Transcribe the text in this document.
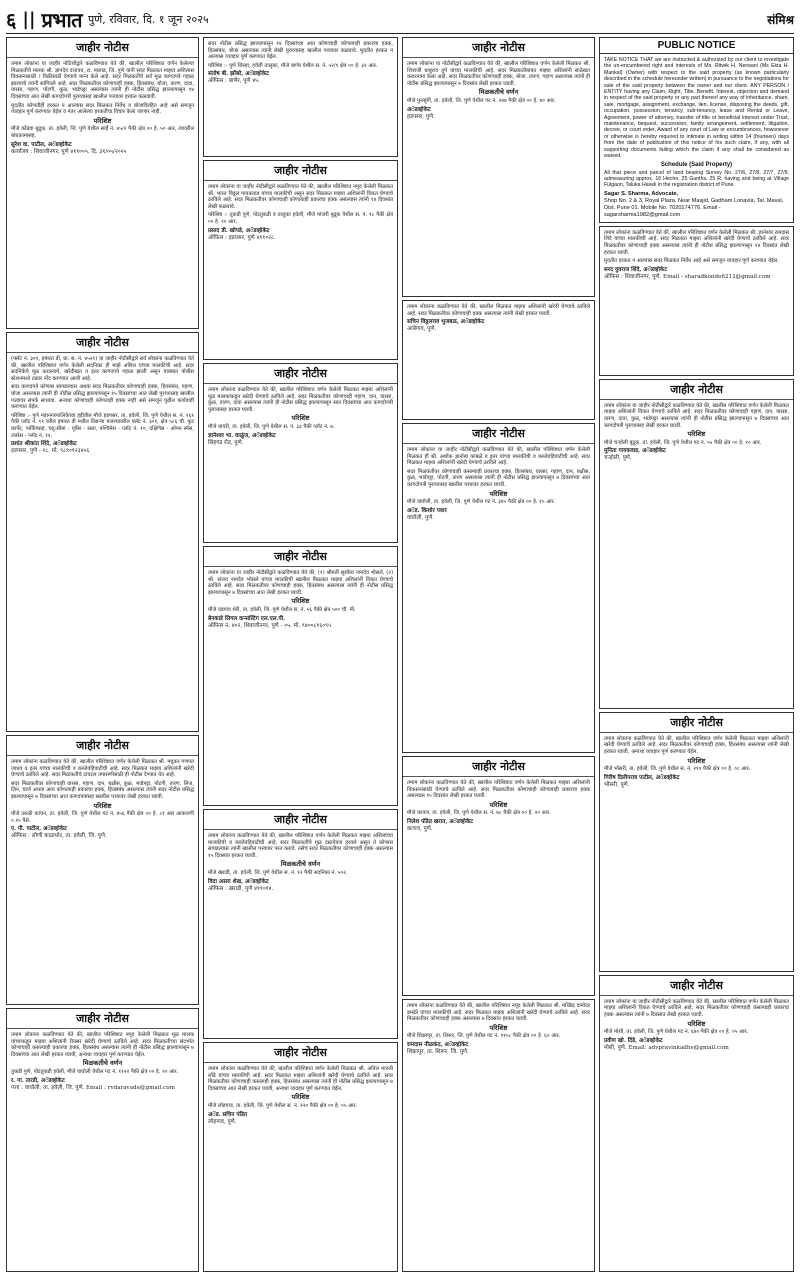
६ || प्रभात पुणे, रविवार, दि. १ जून २०२५	संमिश्र
जाहीर नोटीस
तमाम लोकांना या जाहीर नोटिशीद्वारे कळविण्यात येते की, खालील परिशिष्टात वर्णन केलेल्या मिळकतीचे मालक श्री. ज्ञानदेव दत्तात्रय, रा. मालाड, जि. पुणे यांनी सदर मिळकत माझ्या अशिलास विकसनासाठी / विक्रीसाठी देण्याचे मान्य केले आहे. सदर मिळकतीचे सर्व मूळ कागदपत्रे गहाळ झाल्याचे त्यांनी सांगितले आहे. सदर मिळकतीवर कोणाचाही हक्क, हितसंबंध, बोजा, तारण, दावा, वारसा, गहाण, पोटगी, कुळ, भाडेपट्टा असल्यास त्यांनी ही नोटीस प्रसिद्ध झाल्यापासून १४ दिवसांच्या आत लेखी कागदोपत्री पुराव्यासह खालील पत्त्यावर हरकत कळवावी.
मुदतीत कोणतीही हरकत न आल्यास सदर मिळकत निर्वेध व बोजाविरहित आहे असे समजून व्यवहार पूर्ण करण्यात येईल व नंतर आलेल्या हरकतींचा विचार केला जाणार नाही.
परिशिष्ट
मौजे कोंढवा बुद्रुक, ता. हवेली, जि. पुणे येथील सर्व्हे नं. ४५/२ पैकी क्षेत्र ०० हे. ५० आर, त्यावरील बांधकामासह.
सुरेश वा. पाटील, अॅडव्होकेट
कार्यालय : शिवाजीनगर, पुणे ४११००५. दि. ३१/०५/२०२५
जाहीर नोटीस
(फ्लॅट नं. ३०१, इमारत डी, प्रा. स. नं. ४५२१) या जाहीर नोटीसीद्वारे सर्व लोकांना कळविण्यात येते की, खालील परिशिष्टात वर्णन केलेली सदनिका ही माझे अशिल यांच्या मालकीची आहे. सदर सदनिकेचे मूळ करारनामे, खरेदीखत व इतर कागदपत्रे गहाळ झाली असून याबाबत पोलीस स्टेशनमध्ये तक्रार नोंद करण्यात आली आहे.
सदर कागदपत्रे कोणास सापडल्यास अथवा सदर मिळकतीवर कोणाचाही हक्क, हितसंबंध, गहाण, बोजा असल्यास त्यांनी ही नोटीस प्रसिद्ध झाल्यापासून १५ दिवसांच्या आत लेखी पुराव्यासह खालील पत्त्यावर संपर्क साधावा. अन्यथा कोणाचाही कोणताही हक्क नाही असे समजून पुढील कार्यवाही करण्यात येईल.
परिशिष्ट :- पुणे महानगरपालिकेच्या हद्दीतील मौजे हडपसर, ता. हवेली, जि. पुणे येथील स. नं. १६१ पैकी प्लॉट नं. ११ वरील इमारत डी मधील तिसऱ्या मजल्यावरील फ्लॅट नं. ३०१, क्षेत्र ५८६ चौ. फूट कार्पेट, पार्किंगसह. चतु:सीमा : पूर्वेस - रस्ता, पश्चिमेस - प्लॉट नं. १०, दक्षिणेस - ओपन स्पेस, उत्तरेस - प्लॉट नं. १२.
प्रशांत श्रीकांत शिंदे, अॅडव्होकेट
हडपसर, पुणे - २८. मो. ९८९०१२३४५६
जाहीर नोटीस
तमाम लोकांना कळविण्यात येते की, खालील परिशिष्टात वर्णन केलेली मिळकत श्री. मधुकर गणपत जाधव व इतर यांच्या मालकीची व कब्जेवहिवाटीची आहे. सदर मिळकत माझ्या अशिलांनी खरेदी घेण्याचे ठरविले आहे. सदर मिळकतीचे टायटल तपासणीसाठी ही नोटीस देण्यात येत आहे.
सदर मिळकतीवर कोणाचाही वारसा, गहाण, दान, बक्षीस, कुळ, भाडेपट्टा, पोटगी, तारण, लिज, लिन, चार्ज अथवा अन्य कोणत्याही प्रकारचा हक्क, हितसंबंध असल्यास त्यांनी सदर नोटीस प्रसिद्ध झाल्यापासून ७ दिवसांच्या आत कागदपत्रांसह खालील पत्त्यावर लेखी हरकत घ्यावी.
परिशिष्ट
मौजे उरुळी कांचन, ता. हवेली, जि. पुणे येथील गट नं. ४५६ पैकी क्षेत्र ०० हे. ८१ आर आकारणी ०.९५ पैसे.
ए. पी. पाटील, अॅडव्होकेट
ऑफिस : लोणी काळभोर, ता. हवेली, जि. पुणे.
जाहीर नोटीस
तमाम लोकांना कळविण्यात येते की, खालील परिशिष्टात नमूद केलेली मिळकत मूळ मालक यांच्याकडून माझ्या अशिलांनी रीतसर खरेदी घेण्याचे ठरविले आहे. सदर मिळकतीच्या संदर्भात कोणाचाही कसल्याही प्रकारचा हक्क, हितसंबंध असल्यास त्यांनी ही नोटीस प्रसिद्ध झाल्यापासून ७ दिवसांच्या आत लेखी हरकत घ्यावी, अन्यथा व्यवहार पूर्ण करण्यात येईल.
मिळकतीचे वर्णन
तुकडी पुणे, पोटतुकडी हवेली, मौजे वाघोली येथील गट नं. ११२२ पैकी क्षेत्र ०० हे. २० आर.
र. गा. तारडी, अॅडव्होकेट
पत्ता : वाघोली, ता. हवेली, जि. पुणे. Email : rvdaravade@gmail.com
सदर नोटीस प्रसिद्ध झाल्यापासून १४ दिवसांच्या आत कोणाचाही कोणत्याही प्रकारचा हक्क, हितसंबंध, बोजा असल्यास त्यांनी लेखी पुराव्यासह खालील पत्त्यावर कळवावे. मुदतीत हरकत न आल्यास व्यवहार पूर्ण करण्यात येईल.
परिशिष्ट :- पुणे जिल्हा, हवेली तालुका, मौजे बाणेर येथील स. नं. ५२/१ क्षेत्र ०० हे. ३२ आर.
संतोष बी. झोंबरे, अॅडव्होकेट
ऑफिस : बाणेर, पुणे ४५.
जाहीर नोटीस
तमाम लोकांना या जाहीर नोटीसीद्वारे कळविण्यात येते की, खालील परिशिष्टात नमूद केलेली मिळकत श्री. भारत विठ्ठल गायकवाड यांच्या मालकीची असून सदर मिळकत माझ्या अशिलांनी विकत घेण्याचे ठरविले आहे. सदर मिळकतीवर कोणाचाही कोणत्याही प्रकारचा हक्क असल्यास त्यांनी १४ दिवसांत लेखी कळवावे.
परिशिष्ट :- तुकडी पुणे, पोटतुकडी व तालुका हवेली, मौजे मांजरी बुद्रुक येथील स. नं. ९८ पैकी क्षेत्र ०० हे. १० आर.
प्रसाद डी. खोपडे, अॅडव्होकेट
ऑफिस : हडपसर, पुणे ४११०२८.
जाहीर नोटीस
तमाम लोकांना कळविण्यात येते की, खालील परिशिष्टात वर्णन केलेली मिळकत माझ्या अशिलांनी मूळ मालकांकडून खरेदी घेण्याचे ठरविले आहे. सदर मिळकतीवर कोणाचाही गहाण, दान, वारसा, कुळ, तारण, दावा असल्यास त्यांनी ही नोटीस प्रसिद्ध झाल्यापासून सात दिवसांच्या आत कागदोपत्री पुराव्यासह हरकत घ्यावी.
परिशिष्ट
मौजे धायरी, ता. हवेली, जि. पुणे येथील स. नं. ३३ पैकी प्लॉट नं. ७.
ज्ञानेश्वर भा. वाळुंज, अॅडव्होकेट
सिंहगड रोड, पुणे.
जाहीर नोटीस
तमाम लोकांना या जाहीर नोटीसीद्वारे कळविण्यात येते की, (१) श्रीमती सुशीला नामदेव भोसले, (२) श्री. संजय नामदेव भोसले यांच्या मालकीची खालील मिळकत माझ्या अशिलांनी विकत घेण्याचे ठरविले आहे. सदर मिळकतीवर कोणाचाही हक्क, हितसंबंध असल्यास त्यांनी ही नोटीस प्रसिद्ध झाल्यापासून ७ दिवसांच्या आत लेखी हरकत घ्यावी.
परिशिष्ट
मौजे वडगाव शेरी, ता. हवेली, जि. पुणे येथील स. नं. ५६ पैकी क्षेत्र ५०० चौ. मी.
बेनकाडे लिगल कन्सल्टिंग एल.एल.पी.
ऑफिस नं. ४०२, शिवाजीनगर, पुणे - ०५. मो. ९४००८१६०९५
जाहीर नोटीस
तमाम लोकांना कळविण्यात येते की, खालील परिशिष्टात वर्णन केलेली मिळकत माझ्या अशिलांच्या मालकीची व कब्जेवहिवाटीची आहे. सदर मिळकतीचे मूळ दस्तऐवज हरवले असून ते कोणास सापडल्यास त्यांनी खालील पत्त्यावर परत करावे. तसेच सदर मिळकतीवर कोणाचाही हक्क असल्यास १५ दिवसांत हरकत घ्यावी.
मिळकतीचे वर्णन
मौजे खराडी, ता. हवेली, जि. पुणे येथील स. नं. १२ पैकी सदनिका नं. ५०२.
विदा असरा शेख, अॅडव्होकेट
ऑफिस : खराडी, पुणे ४११०१४.
जाहीर नोटीस
तमाम लोकांना कळविण्यात येते की, खालील परिशिष्टात वर्णन केलेली मिळकत श्री. अनिल मारुती लोंढे यांच्या मालकीची आहे. सदर मिळकत माझ्या अशिलांनी खरेदी घेण्याचे ठरविले आहे. सदर मिळकतीवर कोणाचाही कसलाही हक्क, हितसंबंध असल्यास त्यांनी ही नोटीस प्रसिद्ध झाल्यापासून ७ दिवसांच्या आत लेखी हरकत घ्यावी, अन्यथा व्यवहार पूर्ण करण्यात येईल.
परिशिष्ट
मौजे लोहगाव, ता. हवेली, जि. पुणे येथील स. नं. २२० पैकी क्षेत्र ०० हे. ०५ आर.
अॅड. सचिन पंडित
लोहगाव, पुणे.
जाहीर नोटीस
तमाम लोकांना या नोटीसीद्वारे कळविण्यात येते की, खालील परिशिष्टात वर्णन केलेली मिळकत श्री. शिवाजी बाबूराव तुपे यांच्या मालकीची आहे. सदर मिळकतीबाबत माझ्या अशिलांनी साठेखत करारनामा केला आहे. सदर मिळकतीवर कोणाचाही हक्क, बोजा, तारण, गहाण असल्यास त्यांनी ही नोटीस प्रसिद्ध झाल्यापासून ७ दिवसांत लेखी हरकत घ्यावी.
मिळकतीचे वर्णन
मौजे फुरसुंगी, ता. हवेली, जि. पुणे येथील गट नं. २४७ पैकी क्षेत्र ०० हे. ४० आर.
अॅडव्होकेट
हडपसर, पुणे.
तमाम लोकांना कळविण्यात येते की, खालील मिळकत माझ्या अशिलांनी खरेदी घेण्याचे ठरविले आहे. सदर मिळकतीवर कोणाचाही हक्क असल्यास त्यांनी लेखी हरकत घ्यावी.
सचिन विठ्ठलराव भुजबळ, अॅडव्होकेट
आंबेगाव, पुणे.
जाहीर नोटीस
तमाम लोकांना या जाहीर नोटीसीद्वारे कळविण्यात येते की, खालील परिशिष्टात वर्णन केलेली मिळकत ही श्री. अशोक ज्ञानोबा कांबळे व इतर यांच्या मालकीची व कब्जेवहिवाटीची आहे. सदर मिळकत माझ्या अशिलांनी खरेदी घेण्याचे ठरविले आहे.
सदर मिळकतीवर कोणाचाही कसल्याही प्रकारचा हक्क, हितसंबंध, वारसा, गहाण, दान, बक्षीस, कुळ, भाडेपट्टा, पोटगी, तारण असल्यास त्यांनी ही नोटीस प्रसिद्ध झाल्यापासून ७ दिवसांच्या आत कागदोपत्री पुराव्यासह खालील पत्त्यावर हरकत घ्यावी.
परिशिष्ट
मौजे वाघोली, ता. हवेली, जि. पुणे येथील गट नं. ३४५ पैकी क्षेत्र ०० हे. १५ आर.
अॅड. किशोर पवार
वाघोली, पुणे.
जाहीर नोटीस
तमाम लोकांना कळविण्यात येते की, खालील परिशिष्टात वर्णन केलेली मिळकत माझ्या अशिलांनी विकसनासाठी घेण्याचे ठरविले आहे. सदर मिळकतीवर कोणाचाही कोणत्याही प्रकारचा हक्क असल्यास १५ दिवसांत लेखी हरकत घ्यावी.
परिशिष्ट
मौजे कात्रज, ता. हवेली, जि. पुणे येथील स. नं. ७८ पैकी क्षेत्र ०० हे. २० आर.
निलेश पंडित खरात, अॅडव्होकेट
कात्रज, पुणे.
तमाम लोकांना कळविण्यात येते की, खालील परिशिष्टात नमूद केलेली मिळकत श्री. मच्छिंद्र दामोदर ढमढेरे यांच्या मालकीची आहे. सदर मिळकत माझ्या अशिलांनी खरेदी घेण्याचे ठरविले आहे. सदर मिळकतीवर कोणाचाही हक्क असल्यास ७ दिवसांत हरकत घ्यावी.
परिशिष्ट
मौजे शिक्रापूर, ता. शिरूर, जि. पुणे येथील गट नं. ११५८ पैकी क्षेत्र ०० हे. ६० आर.
रामदास नीळकंठ, अॅडव्होकेट
शिक्रापूर, ता. शिरूर, जि. पुणे.
PUBLIC NOTICE
TAKE NOTICE THAT we are instructed & authorized by our client to investigate the un-encumbered right and interests of Ms. Ritwik H. Nerwani (Ms Ekta H. Mankal) (Owner) with respect to the said property (as known particularly described in the schedule hereunder written) in pursuance to the negotiations for sale of the said property between the owner and our client. ANY PERSON / ENTITY having any Claim, Right, Title, Benefit, Interest, objection and demand in respect of the said property or any part thereof any way of inheritance, share, sale, mortgage, assignment, exchange, lien, license, disposing the deeds, gift, occupation, possession, tenancy, sub-tenancy, lease and Rental or Leave, Agreement, power of attorney, transfer of title or beneficial interest under Trust, maintenance, bequest, succession, family arrangement, settlement, litigation, decree, or court order, Award of any court of Law or encumbrances, howsoever or otherwise is hereby required to intimate in writing within 14 (fourteen) days from the date of publication of this notice of his such claim, if any, with all supporting documents failing which the claim if any shall be considered as waived.
Schedule (Said Property)
All that piece and parcel of land bearing Survey No. 27/6, 27/8, 27/7, 27/9, admeasuring approx. 16 Hector, 25 Gunths, 25 R. having and being at Village Fulgaon, Taluka Haveli in the registration district of Pune.
Sagar S. Sharma, Advocate,
Shop No. 2 & 3, Royal Plaza, Near Masjid, Gadham Lonavla, Tal. Maval, Dist. Pune 01. Mobile No. 7020174776. Email - sagarsharma1982@gmail.com
तमाम लोकांना कळविण्यात येते की, खालील परिशिष्टात वर्णन केलेली मिळकत श्री. ज्ञानेश्वर रामदास शिंदे यांच्या मालकीची आहे. सदर मिळकत माझ्या अशिलांनी खरेदी घेण्याचे ठरविले आहे. सदर मिळकतीवर कोणाचाही हक्क असल्यास त्यांनी ही नोटीस प्रसिद्ध झाल्यापासून १४ दिवसांत लेखी हरकत घ्यावी.
मुदतीत हरकत न आल्यास सदर मिळकत निर्वेध आहे असे समजून व्यवहार पूर्ण करण्यात येईल.
सरद युवराज शिंदे, अॅडव्होकेट
ऑफिस : शिवाजीनगर, पुणे. Email - sharadkonde6212@gmail.com
जाहीर नोटीस
तमाम लोकांना या जाहीर नोटीसीद्वारे कळविण्यात येते की, खालील परिशिष्टात वर्णन केलेली मिळकत माझ्या अशिलांनी विकत घेण्याचे ठरविले आहे. सदर मिळकतीवर कोणाचाही गहाण, दान, वारसा, तारण, दावा, कुळ, भाडेपट्टा असल्यास त्यांनी ही नोटीस प्रसिद्ध झाल्यापासून ७ दिवसांच्या आत कागदोपत्री पुराव्यासह लेखी हरकत घ्यावी.
परिशिष्ट
मौजे चऱ्होली बुद्रुक, ता. हवेली, जि. पुणे येथील गट नं. ५५ पैकी क्षेत्र ०० हे. १० आर.
मुनिता गायकवाड, अॅडव्होकेट
चऱ्होली, पुणे.
जाहीर नोटीस
तमाम लोकांना कळविण्यात येते की, खालील परिशिष्टात वर्णन केलेली मिळकत माझ्या अशिलांनी खरेदी घेण्याचे ठरविले आहे. सदर मिळकतीवर कोणाचाही हक्क, हितसंबंध असल्यास त्यांनी लेखी हरकत घ्यावी, अन्यथा व्यवहार पूर्ण करण्यात येईल.
परिशिष्ट
मौजे भोसरी, ता. हवेली, जि. पुणे येथील स. नं. २१० पैकी क्षेत्र ०० हे. ०८ आर.
गिरीष दिलीपराव पाटील, अॅडव्होकेट
भोसरी, पुणे.
जाहीर नोटीस
तमाम लोकांना या जाहीर नोटीसीद्वारे कळविण्यात येते की, खालील परिशिष्टात वर्णन केलेली मिळकत माझ्या अशिलांनी विकत घेण्याचे ठरविले आहे. सदर मिळकतीवर कोणाचाही कसल्याही प्रकारचा हक्क असल्यास त्यांनी ७ दिवसांत लेखी हरकत घ्यावी.
परिशिष्ट
मौजे मोशी, ता. हवेली, जि. पुणे येथील गट नं. ६७० पैकी क्षेत्र ०० हे. ०५ आर.
प्रवीण खो. दिंडे, अॅडव्होकेट
मोशी, पुणे. Email: advpravinkadhe@gmail.com
